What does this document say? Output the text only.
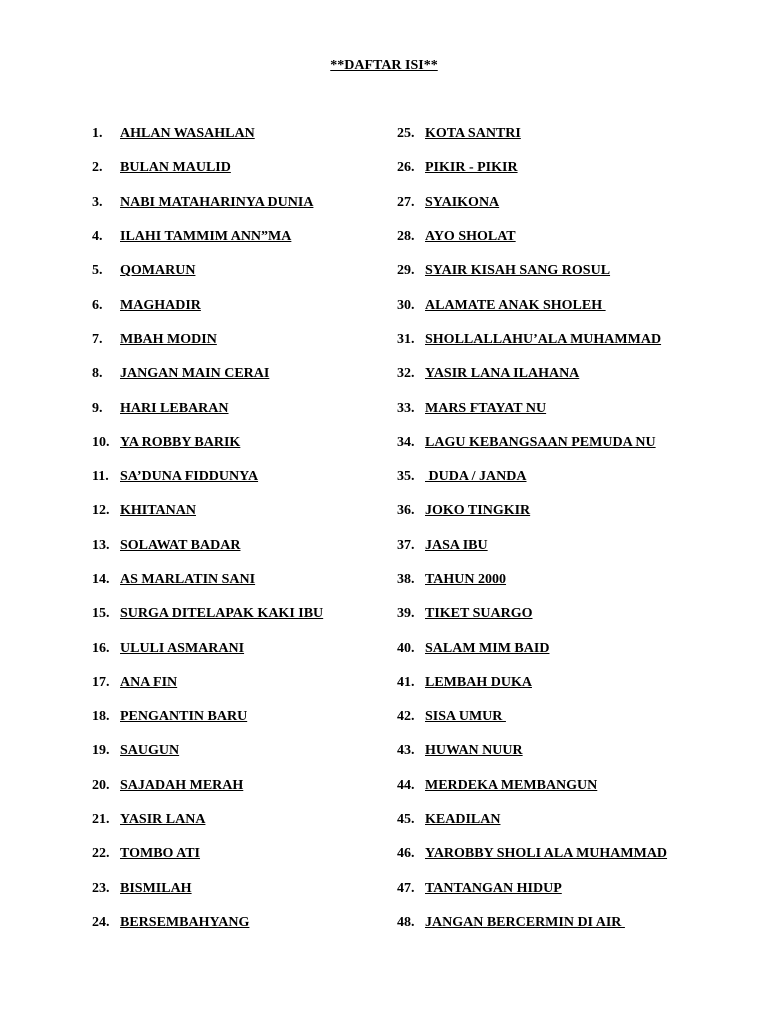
**DAFTAR ISI**
1.	AHLAN WASAHLAN
2.	BULAN MAULID
3.	NABI MATAHARINYA DUNIA
4.	ILAHI TAMMIM ANN”MA
5.	QOMARUN
6.	MAGHADIR
7.	MBAH MODIN
8.	JANGAN MAIN CERAI
9.	HARI LEBARAN
10. YA ROBBY BARIK
11. SA’DUNA FIDDUNYA
12. KHITANAN
13. SOLAWAT BADAR
14. AS MARLATIN SANI
15. SURGA DITELAPAK KAKI IBU
16. ULULI ASMARANI
17. ANA FIN
18. PENGANTIN BARU
19. SAUGUN
20. SAJADAH MERAH
21. YASIR LANA
22. TOMBO ATI
23. BISMILAH
24. BERSEMBAHYANG
25. KOTA SANTRI
26. PIKIR - PIKIR
27. SYAIKONA
28. AYO SHOLAT
29. SYAIR KISAH SANG ROSUL
30. ALAMATE ANAK SHOLEH
31. SHOLLALLAHU’ALA MUHAMMAD
32. YASIR LANA ILAHANA
33. MARS FTAYAT NU
34. LAGU KEBANGSAAN PEMUDA NU
35. DUDA / JANDA
36. JOKO TINGKIR
37. JASA IBU
38. TAHUN 2000
39. TIKET SUARGO
40. SALAM MIM BAID
41. LEMBAH DUKA
42. SISA UMUR
43. HUWAN NUUR
44. MERDEKA MEMBANGUN
45. KEADILAN
46. YAROBBY SHOLI ALA MUHAMMAD
47. TANTANGAN HIDUP
48. JANGAN BERCERMIN DI AIR
